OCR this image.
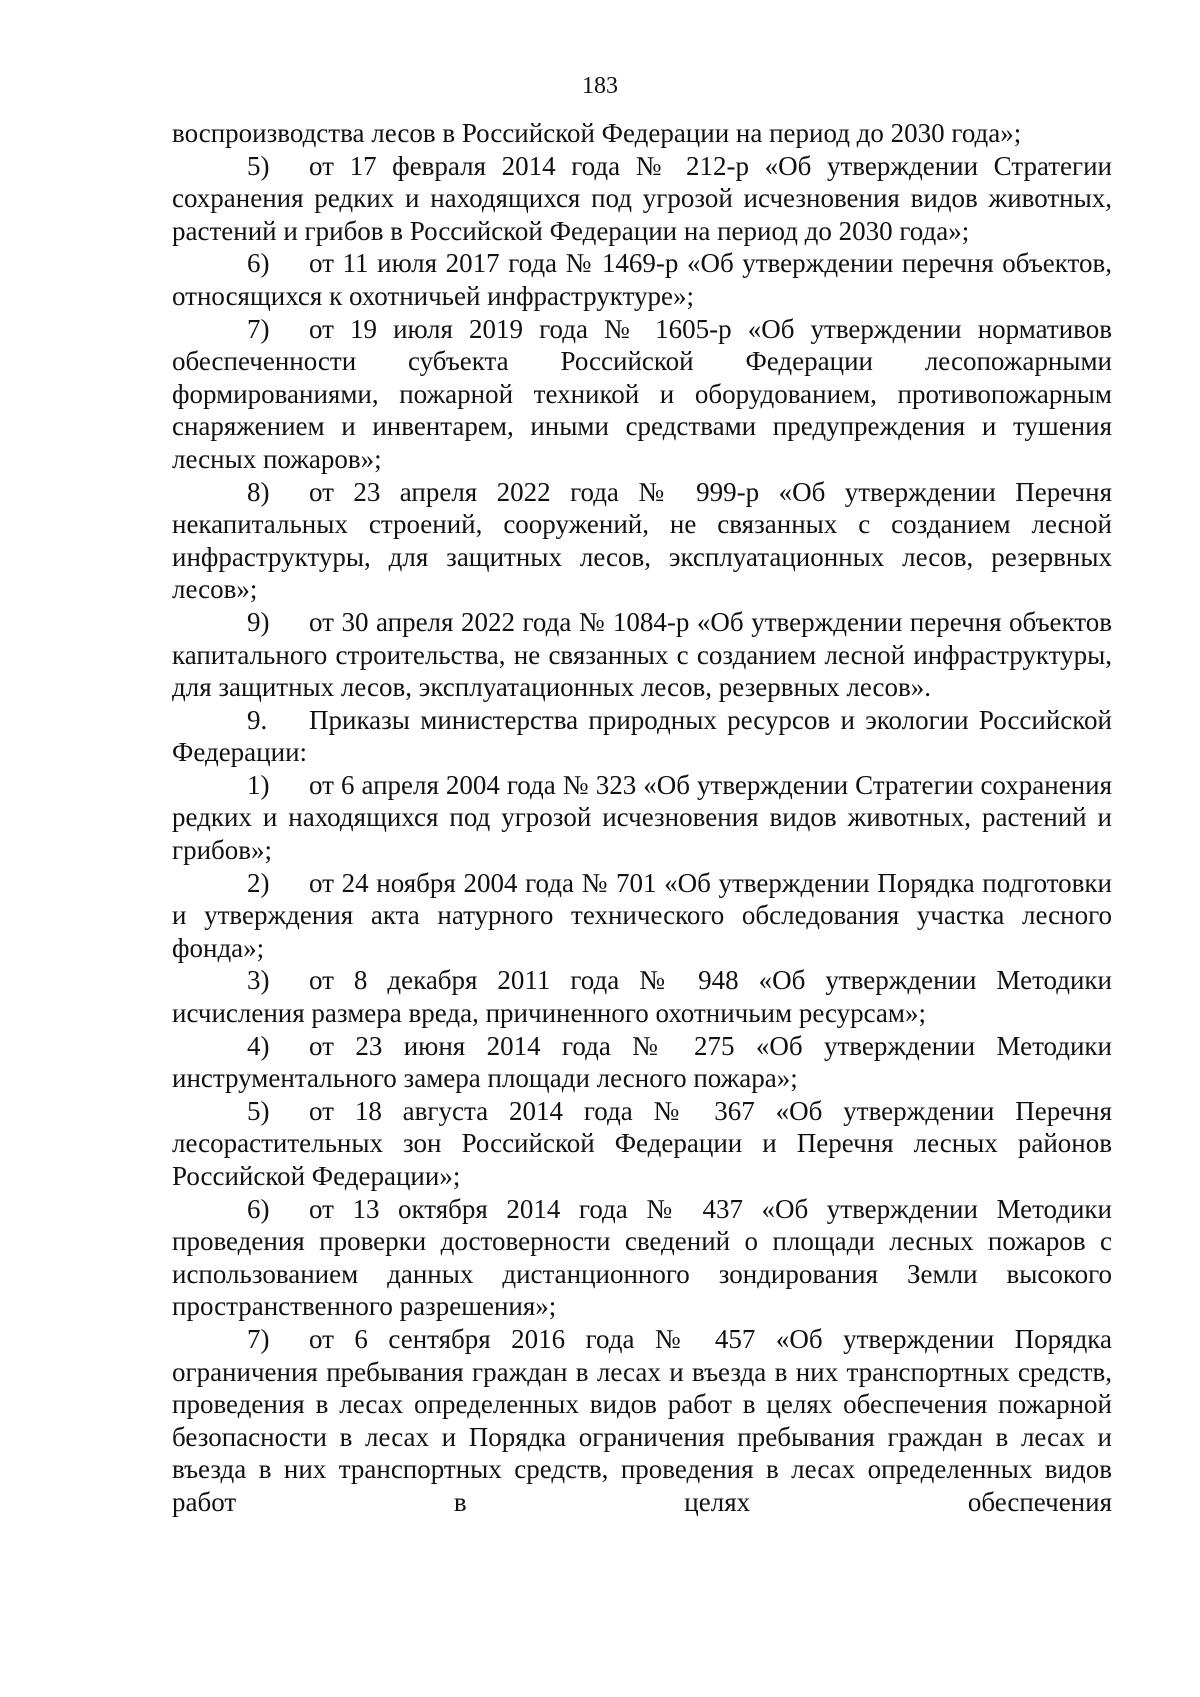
183

воспроизводства лесов в Российской Федерации на период до 2030 года»;

5) от 17 февраля 2014 года № 212-р «Об утверждении Стратегии сохранения редких и находящихся под угрозой исчезновения видов животных, растений и грибов в Российской Федерации на период до 2030 года»;

6) от 11 июля 2017 года № 1469-р «Об утверждении перечня объектов, относящихся к охотничьей инфраструктуре»;

7) от 19 июля 2019 года № 1605-р «Об утверждении нормативов обеспеченности субъекта Российской Федерации лесопожарными формированиями, пожарной техникой и оборудованием, противопожарным снаряжением и инвентарем, иными средствами предупреждения и тушения лесных пожаров»;

8) от 23 апреля 2022 года № 999-р «Об утверждении Перечня некапитальных строений, сооружений, не связанных с созданием лесной инфраструктуры, для защитных лесов, эксплуатационных лесов, резервных лесов»;

9) от 30 апреля 2022 года № 1084-р «Об утверждении перечня объектов капитального строительства, не связанных с созданием лесной инфраструктуры, для защитных лесов, эксплуатационных лесов, резервных лесов».

9. Приказы министерства природных ресурсов и экологии Российской Федерации:

1) от 6 апреля 2004 года № 323 «Об утверждении Стратегии сохранения редких и находящихся под угрозой исчезновения видов животных, растений и грибов»;

2) от 24 ноября 2004 года № 701 «Об утверждении Порядка подготовки и утверждения акта натурного технического обследования участка лесного фонда»;

3) от 8 декабря 2011 года № 948 «Об утверждении Методики исчисления размера вреда, причиненного охотничьим ресурсам»;

4) от 23 июня 2014 года № 275 «Об утверждении Методики инструментального замера площади лесного пожара»;

5) от 18 августа 2014 года № 367 «Об утверждении Перечня лесорастительных зон Российской Федерации и Перечня лесных районов Российской Федерации»;

6) от 13 октября 2014 года № 437 «Об утверждении Методики проведения проверки достоверности сведений о площади лесных пожаров с использованием данных дистанционного зондирования Земли высокого пространственного разрешения»;

7) от 6 сентября 2016 года № 457 «Об утверждении Порядка ограничения пребывания граждан в лесах и въезда в них транспортных средств, проведения в лесах определенных видов работ в целях обеспечения пожарной безопасности в лесах и Порядка ограничения пребывания граждан в лесах и въезда в них транспортных средств, проведения в лесах определенных видов работ в целях обеспечения
